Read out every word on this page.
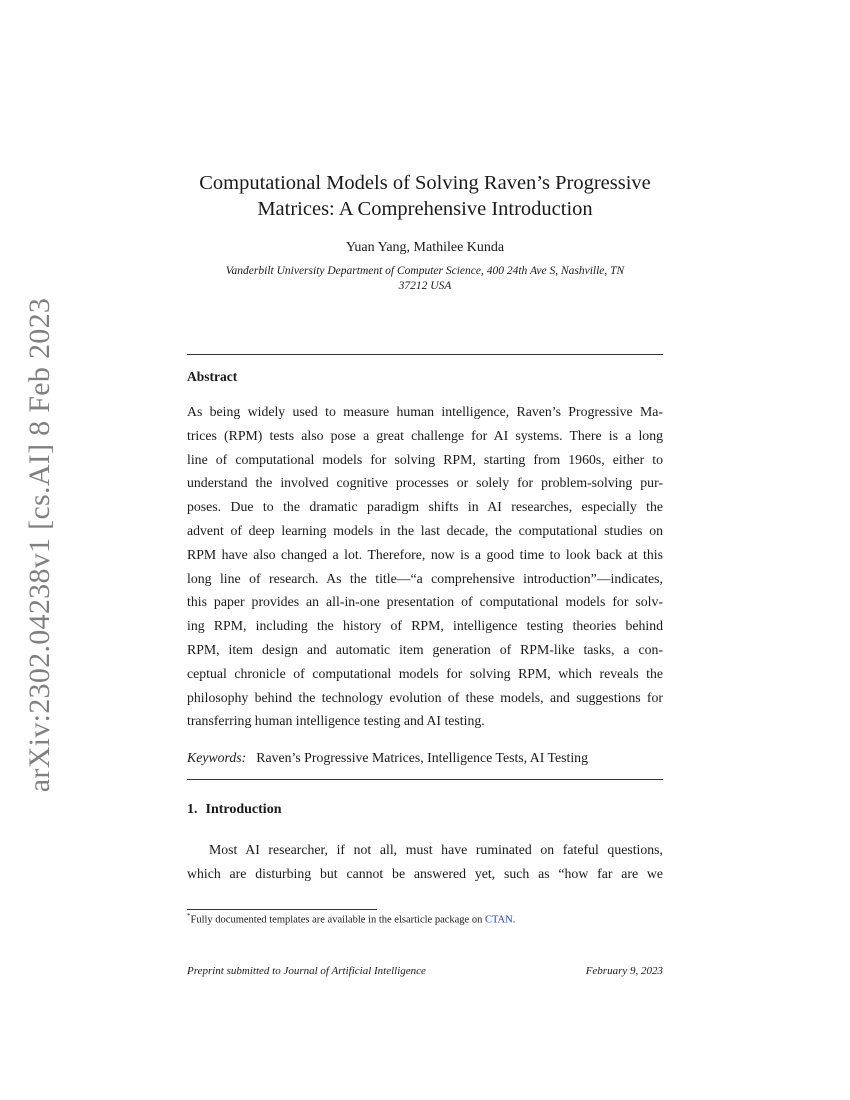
arXiv:2302.04238v1 [cs.AI] 8 Feb 2023
Computational Models of Solving Raven’s Progressive Matrices: A Comprehensive Introduction
Yuan Yang, Mathilee Kunda
Vanderbilt University Department of Computer Science, 400 24th Ave S, Nashville, TN
37212 USA
Abstract
As being widely used to measure human intelligence, Raven’s Progressive Ma-
trices (RPM) tests also pose a great challenge for AI systems. There is a long
line of computational models for solving RPM, starting from 1960s, either to
understand the involved cognitive processes or solely for problem-solving pur-
poses. Due to the dramatic paradigm shifts in AI researches, especially the
advent of deep learning models in the last decade, the computational studies on
RPM have also changed a lot. Therefore, now is a good time to look back at this
long line of research. As the title—“a comprehensive introduction”—indicates,
this paper provides an all-in-one presentation of computational models for solv-
ing RPM, including the history of RPM, intelligence testing theories behind
RPM, item design and automatic item generation of RPM-like tasks, a con-
ceptual chronicle of computational models for solving RPM, which reveals the
philosophy behind the technology evolution of these models, and suggestions for
transferring human intelligence testing and AI testing.
Keywords: Raven’s Progressive Matrices, Intelligence Tests, AI Testing
1. Introduction
Most AI researcher, if not all, must have ruminated on fateful questions,
which are disturbing but cannot be answered yet, such as “how far are we
*Fully documented templates are available in the elsarticle package on CTAN.
Preprint submitted to Journal of Artificial Intelligence	February 9, 2023
